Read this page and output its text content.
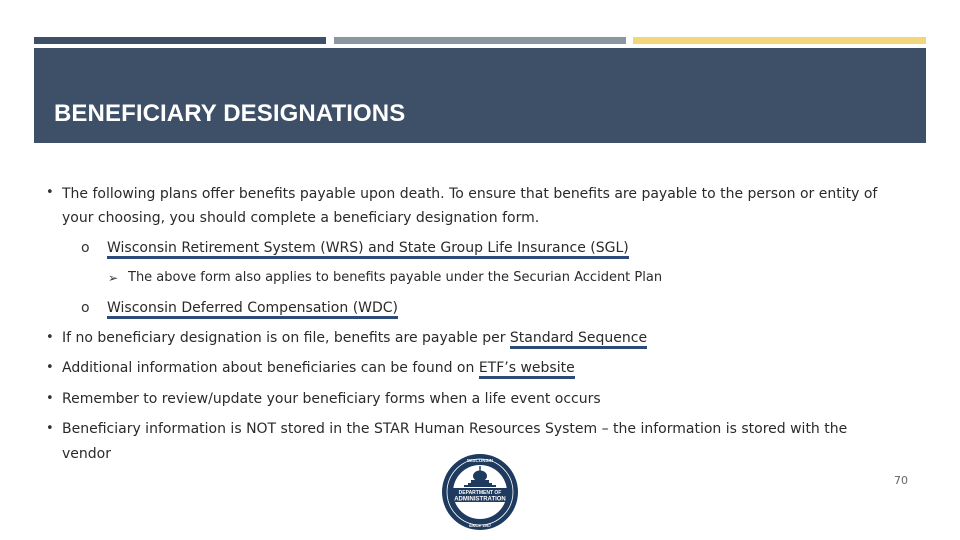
BENEFICIARY DESIGNATIONS
• The following plans offer benefits payable upon death. To ensure that benefits are payable to the person or entity of
your choosing, you should complete a beneficiary designation form.
o Wisconsin Retirement System (WRS) and State Group Life Insurance (SGL)
➢ The above form also applies to benefits payable under the Securian Accident Plan
o Wisconsin Deferred Compensation (WDC)
• If no beneficiary designation is on file, benefits are payable per Standard Sequence
• Additional information about beneficiaries can be found on ETF’s website
• Remember to review/update your beneficiary forms when a life event occurs
• Beneficiary information is NOT stored in the STAR Human Resources System – the information is stored with the
vendor
DEPARTMENT OF
ADMINISTRATION
WISCONSIN
SINCE 1967
70
